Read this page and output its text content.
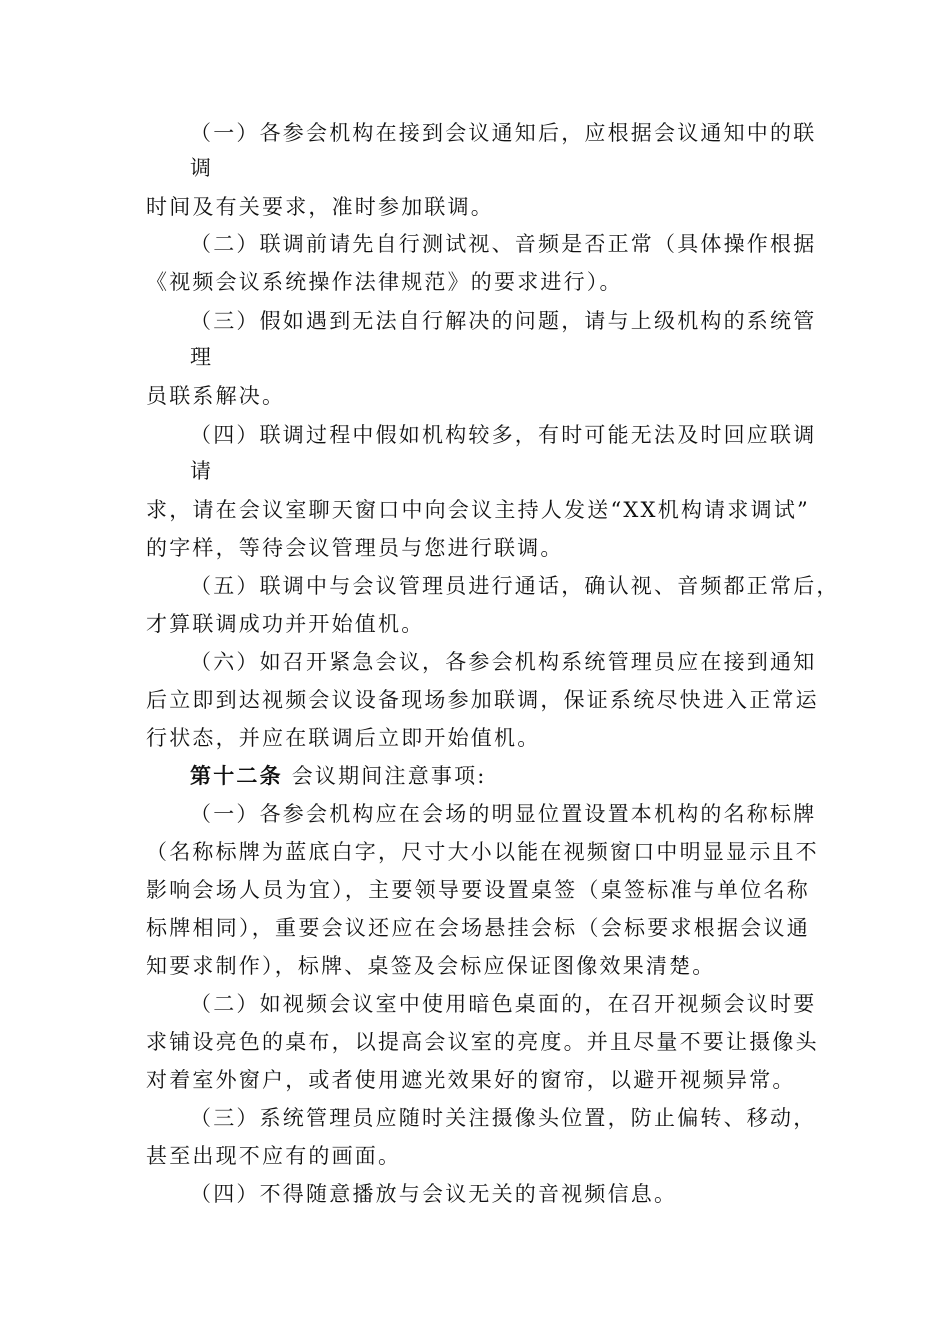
（一）各参会机构在接到会议通知后，应根据会议通知中的联
调
时间及有关要求，准时参加联调。
（二）联调前请先自行测试视、音频是否正常（具体操作根据
《视频会议系统操作法律规范》的要求进行）。
（三）假如遇到无法自行解决的问题，请与上级机构的系统管
理
员联系解决。
（四）联调过程中假如机构较多，有时可能无法及时回应联调
请
求，请在会议室聊天窗口中向会议主持人发送“XX机构请求调试”
的字样，等待会议管理员与您进行联调。
（五）联调中与会议管理员进行通话，确认视、音频都正常后，
才算联调成功并开始值机。
（六）如召开紧急会议，各参会机构系统管理员应在接到通知
后立即到达视频会议设备现场参加联调，保证系统尽快进入正常运
行状态，并应在联调后立即开始值机。
第十二条 会议期间注意事项:
（一）各参会机构应在会场的明显位置设置本机构的名称标牌
（名称标牌为蓝底白字，尺寸大小以能在视频窗口中明显显示且不
影响会场人员为宜），主要领导要设置桌签（桌签标准与单位名称
标牌相同），重要会议还应在会场悬挂会标（会标要求根据会议通
知要求制作），标牌、桌签及会标应保证图像效果清楚。
（二）如视频会议室中使用暗色桌面的，在召开视频会议时要
求铺设亮色的桌布，以提高会议室的亮度。并且尽量不要让摄像头
对着室外窗户，或者使用遮光效果好的窗帘，以避开视频异常。
（三）系统管理员应随时关注摄像头位置，防止偏转、移动，
甚至出现不应有的画面。
（四）不得随意播放与会议无关的音视频信息。
